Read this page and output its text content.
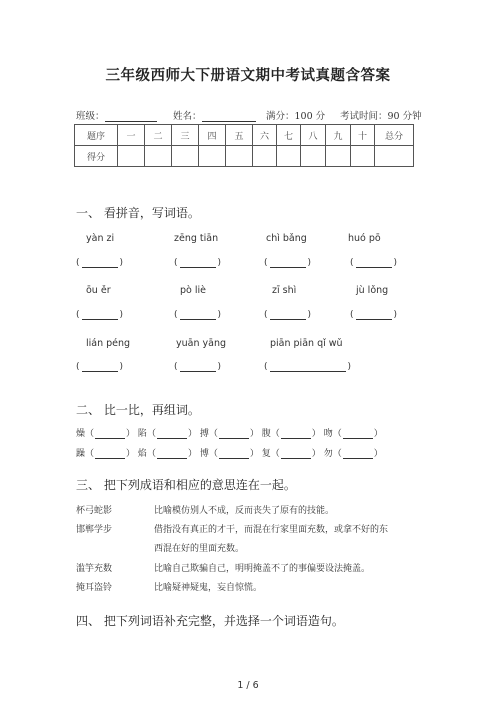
三年级西师大下册语文期中考试真题含答案
班级：	姓名：	满分：100 分 考试时间：90 分钟
题序	一	二	三	四	五	六	七	八	九	十	总分
得分											
一、 看拼音，写词语。
yàn zi	zēng tiān	chì bǎng	huó pō
(	)	(	)	(	)	(	)
ōu ěr	pò liè	zī shì	jù lǒng
(	)	(	)	(	)	(	)
lián péng	yuān yāng	piān piān qǐ wǔ
(	)	(	)	(	)
二、 比一比，再组词。
燥（	） 陷（	） 搏（	） 腹（	） 吻（	）
躁（	） 焰（	） 博（	） 复（	） 勿（	）
三、 把下列成语和相应的意思连在一起。
杯弓蛇影
邯郸学步
滥竽充数
掩耳盗铃
比喻模仿别人不成，反而丧失了原有的技能。
借指没有真正的才干，而混在行家里面充数，或拿不好的东
西混在好的里面充数。
比喻自己欺骗自己，明明掩盖不了的事偏要设法掩盖。
比喻疑神疑鬼，妄自惊慌。
四、 把下列词语补充完整，并选择一个词语造句。
1 / 6
